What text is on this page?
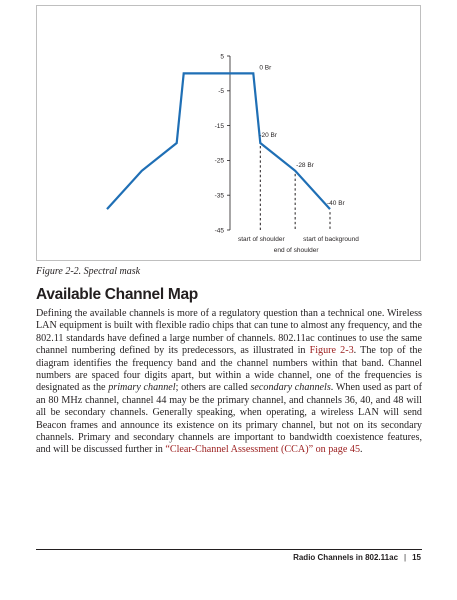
5
-5
-15
-25
-35
-45
0 Br
-20 Br
-28 Br
-40 Br
start of shoulder
end of shoulder
start of background
Figure 2-2. Spectral mask
Available Channel Map

Defining the available channels is more of a regulatory question than a technical one. Wireless LAN equipment is built with flexible radio chips that can tune to almost any frequency, and the 802.11 standards have defined a large number of channels. 802.11ac continues to use the same channel numbering defined by its predecessors, as illustrated in Figure 2-3. The top of the diagram identifies the frequency band and the channel numbers within that band. Channel numbers are spaced four digits apart, but within a wide channel, one of the frequencies is designated as the primary channel; others are called secondary channels. When used as part of an 80 MHz channel, channel 44 may be the primary channel, and channels 36, 40, and 48 will all be secondary channels. Generally speaking, when operating, a wireless LAN will send Beacon frames and announce its existence on its primary channel, but not on its secondary channels. Primary and secondary channels are important to bandwidth coexistence features, and will be discussed further in “Clear-Channel Assessment (CCA)” on page 45.

Radio Channels in 802.11ac | 15
